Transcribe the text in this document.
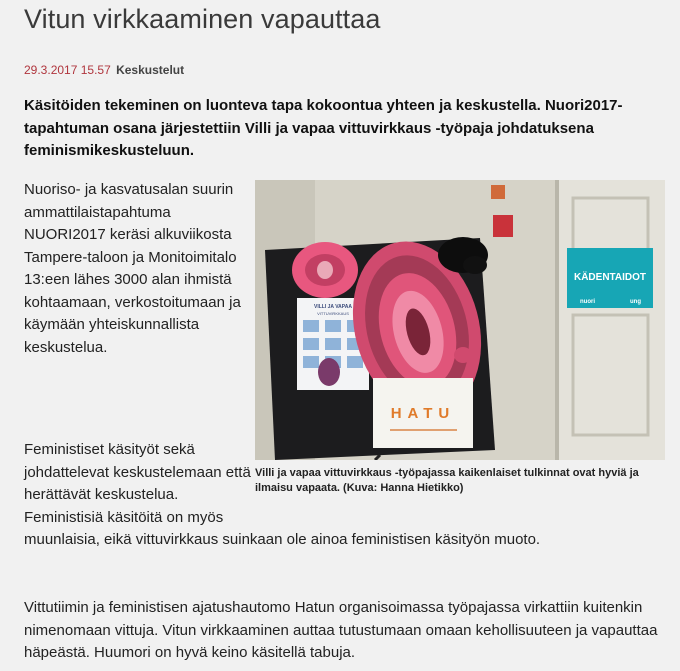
Vitun virkkaaminen vapauttaa
29.3.2017 15.57 Keskustelut

Käsitöiden tekeminen on luonteva tapa kokoontua yhteen ja keskustella. Nuori2017-tapahtuman osana järjestettiin Villi ja vapaa vittuvirkkaus -työpaja johdatuksena feminismikeskusteluun.

Nuoriso- ja kasvatusalan suurin ammattilaistapahtuma NUORI2017 keräsi alkuviikosta Tampere-taloon ja Monitoimitalo 13:een lähes 3000 alan ihmistä kohtaamaan, verkostoitumaan ja käymään yhteiskunnallista keskustelua.

KÄDENTAIDOT
nuori	ung
VILLI JA VAPAA
VITTUVIRKKAUS
HATU
Villi ja vapaa vittuvirkkaus -työpajassa kaikenlaiset tulkinnat ovat hyviä ja ilmaisu vapaata. (Kuva: Hanna Hietikko)

Feministiset käsityöt sekä johdattelevat keskustelemaan että herättävät keskustelua. Feministisiä käsitöitä on myös muunlaisia, eikä vittuvirkkaus suinkaan ole ainoa feministisen käsityön muoto.

Vittutiimin ja feministisen ajatushautomo Hatun organisoimassa työpajassa virkattiin kuitenkin nimenomaan vittuja. Vitun virkkaaminen auttaa tutustumaan omaan kehollisuuteen ja vapauttaa häpeästä. Huumori on hyvä keino käsitellä tabuja.
